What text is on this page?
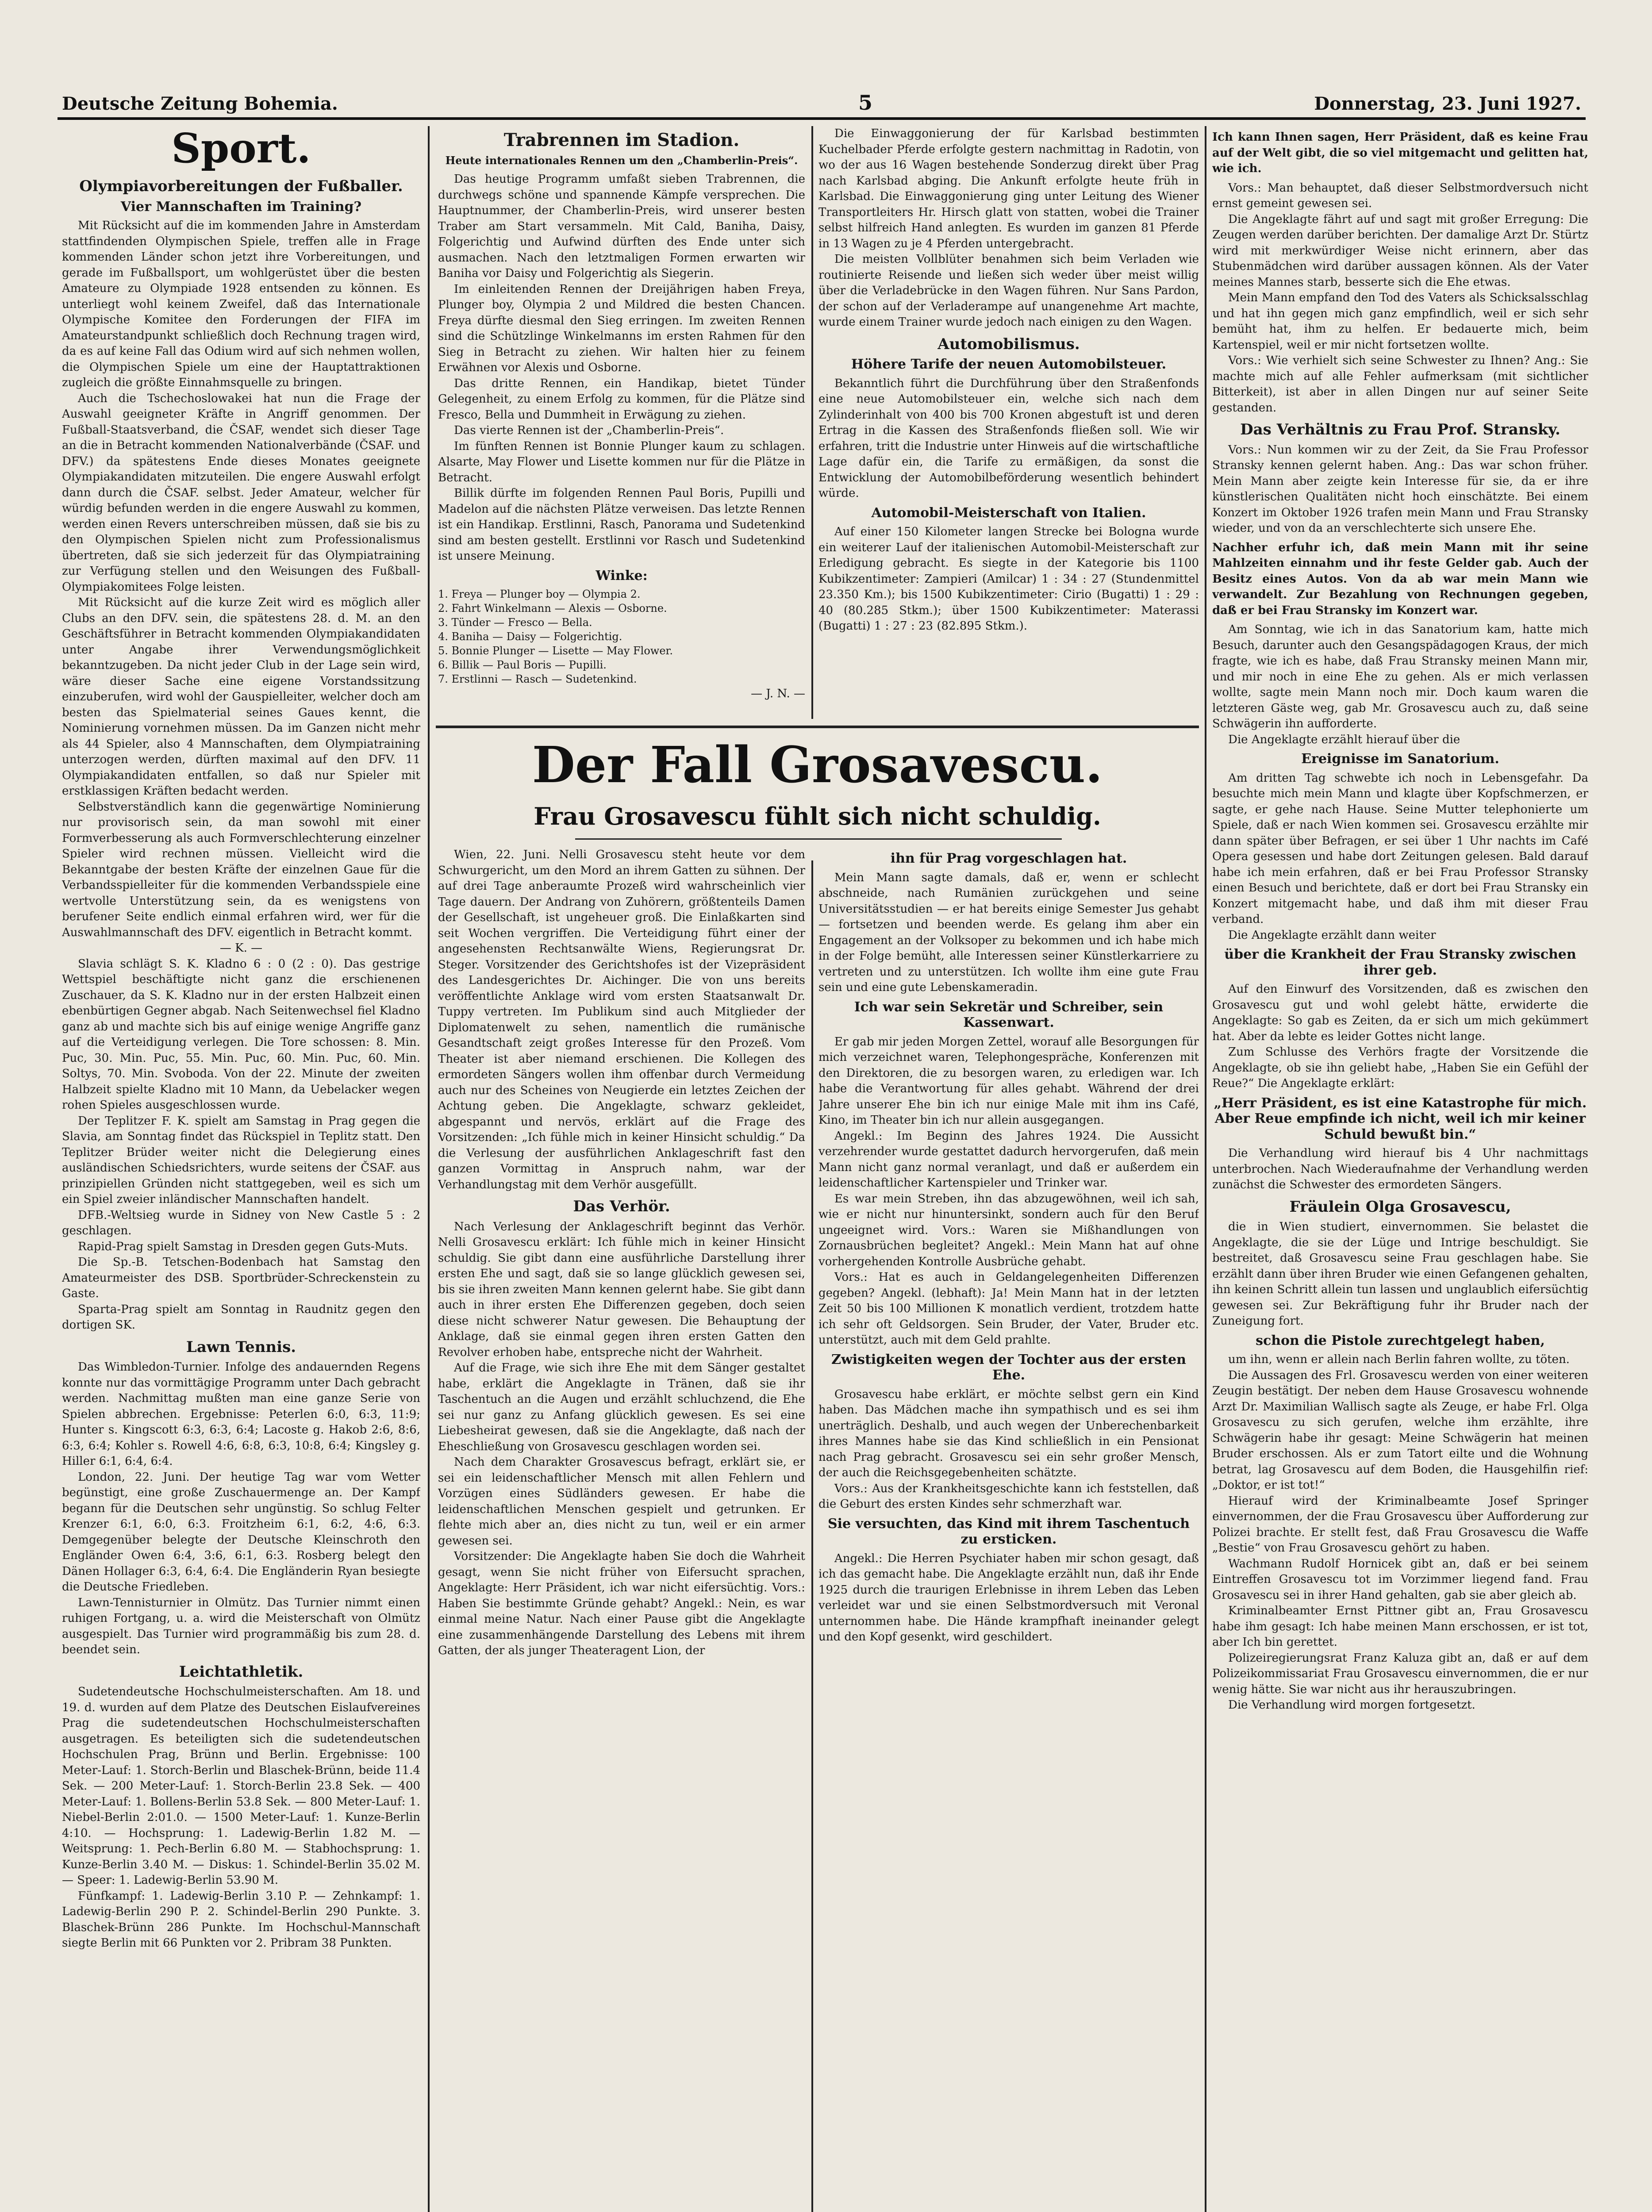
Deutsche Zeitung Bohemia.	5	Donnerstag, 23. Juni 1927.
Sport.

Olympiavorbereitungen der Fußballer.

Vier Mannschaften im Training?

Mit Rücksicht auf die im kommenden Jahre in Amsterdam stattfindenden Olympischen Spiele, treffen alle in Frage kommenden Länder schon jetzt ihre Vorbereitungen, und gerade im Fußballsport, um wohlgerüstet über die besten Amateure zu Olympiade 1928 entsenden zu können. Es unterliegt wohl keinem Zweifel, daß das Internationale Olympische Komitee den Forderungen der FIFA im Amateurstandpunkt schließlich doch Rechnung tragen wird, da es auf keine Fall das Odium wird auf sich nehmen wollen, die Olympischen Spiele um eine der Hauptattraktionen zugleich die größte Einnahmsquelle zu bringen.

Auch die Tschechoslowakei hat nun die Frage der Auswahl geeigneter Kräfte in Angriff genommen. Der Fußball-Staatsverband, die ČSAF, wendet sich dieser Tage an die in Betracht kommenden Nationalverbände (ČSAF. und DFV.) da spätestens Ende dieses Monates geeignete Olympiakandidaten mitzuteilen. Die engere Auswahl erfolgt dann durch die ČSAF. selbst. Jeder Amateur, welcher für würdig befunden werden in die engere Auswahl zu kommen, werden einen Revers unterschreiben müssen, daß sie bis zu den Olympischen Spielen nicht zum Professionalismus übertreten, daß sie sich jederzeit für das Olympiatraining zur Verfügung stellen und den Weisungen des Fußball-Olympiakomitees Folge leisten.

Mit Rücksicht auf die kurze Zeit wird es möglich aller Clubs an den DFV. sein, die spätestens 28. d. M. an den Geschäftsführer in Betracht kommenden Olympiakandidaten unter Angabe ihrer Verwendungsmöglichkeit bekanntzugeben. Da nicht jeder Club in der Lage sein wird, wäre dieser Sache eine eigene Vorstandssitzung einzuberufen, wird wohl der Gauspielleiter, welcher doch am besten das Spielmaterial seines Gaues kennt, die Nominierung vornehmen müssen. Da im Ganzen nicht mehr als 44 Spieler, also 4 Mannschaften, dem Olympiatraining unterzogen werden, dürften maximal auf den DFV. 11 Olympiakandidaten entfallen, so daß nur Spieler mit erstklassigen Kräften bedacht werden.

Selbstverständlich kann die gegenwärtige Nominierung nur provisorisch sein, da man sowohl mit einer Formverbesserung als auch Formverschlechterung einzelner Spieler wird rechnen müssen. Vielleicht wird die Bekanntgabe der besten Kräfte der einzelnen Gaue für die Verbandsspielleiter für die kommenden Verbandsspiele eine wertvolle Unterstützung sein, da es wenigstens von berufener Seite endlich einmal erfahren wird, wer für die Auswahlmannschaft des DFV. eigentlich in Betracht kommt.

— K. —

Slavia schlägt S. K. Kladno 6 : 0 (2 : 0). Das gestrige Wettspiel beschäftigte nicht ganz die erschienenen Zuschauer, da S. K. Kladno nur in der ersten Halbzeit einen ebenbürtigen Gegner abgab. Nach Seitenwechsel fiel Kladno ganz ab und machte sich bis auf einige wenige Angriffe ganz auf die Verteidigung verlegen. Die Tore schossen: 8. Min. Puc, 30. Min. Puc, 55. Min. Puc, 60. Min. Puc, 60. Min. Soltys, 70. Min. Svoboda. Von der 22. Minute der zweiten Halbzeit spielte Kladno mit 10 Mann, da Uebelacker wegen rohen Spieles ausgeschlossen wurde.

Der Teplitzer F. K. spielt am Samstag in Prag gegen die Slavia, am Sonntag findet das Rückspiel in Teplitz statt. Den Teplitzer Brüder weiter nicht die Delegierung eines ausländischen Schiedsrichters, wurde seitens der ČSAF. aus prinzipiellen Gründen nicht stattgegeben, weil es sich um ein Spiel zweier inländischer Mannschaften handelt.

DFB.-Weltsieg wurde in Sidney von New Castle 5 : 2 geschlagen.

Rapid-Prag spielt Samstag in Dresden gegen Guts-Muts.

Die Sp.-B. Tetschen-Bodenbach hat Samstag den Amateurmeister des DSB. Sportbrüder-Schreckenstein zu Gaste.

Sparta-Prag spielt am Sonntag in Raudnitz gegen den dortigen SK.

Lawn Tennis.

Das Wimbledon-Turnier. Infolge des andauernden Regens konnte nur das vormittägige Programm unter Dach gebracht werden. Nachmittag mußten man eine ganze Serie von Spielen abbrechen. Ergebnisse: Peterlen 6:0, 6:3, 11:9; Hunter s. Kingscott 6:3, 6:3, 6:4; Lacoste g. Hakob 2:6, 8:6, 6:3, 6:4; Kohler s. Rowell 4:6, 6:8, 6:3, 10:8, 6:4; Kingsley g. Hiller 6:1, 6:4, 6:4.

London, 22. Juni. Der heutige Tag war vom Wetter begünstigt, eine große Zuschauermenge an. Der Kampf begann für die Deutschen sehr ungünstig. So schlug Felter Krenzer 6:1, 6:0, 6:3. Froitzheim 6:1, 6:2, 4:6, 6:3. Demgegenüber belegte der Deutsche Kleinschroth den Engländer Owen 6:4, 3:6, 6:1, 6:3. Rosberg belegt den Dänen Hollager 6:3, 6:4, 6:4. Die Engländerin Ryan besiegte die Deutsche Friedleben.

Lawn-Tennisturnier in Olmütz. Das Turnier nimmt einen ruhigen Fortgang, u. a. wird die Meisterschaft von Olmütz ausgespielt. Das Turnier wird programmäßig bis zum 28. d. beendet sein.

Leichtathletik.

Sudetendeutsche Hochschulmeisterschaften. Am 18. und 19. d. wurden auf dem Platze des Deutschen Eislaufvereines Prag die sudetendeutschen Hochschulmeisterschaften ausgetragen. Es beteiligten sich die sudetendeutschen Hochschulen Prag, Brünn und Berlin. Ergebnisse: 100 Meter-Lauf: 1. Storch-Berlin und Blaschek-Brünn, beide 11.4 Sek. — 200 Meter-Lauf: 1. Storch-Berlin 23.8 Sek. — 400 Meter-Lauf: 1. Bollens-Berlin 53.8 Sek. — 800 Meter-Lauf: 1. Niebel-Berlin 2:01.0. — 1500 Meter-Lauf: 1. Kunze-Berlin 4:10. — Hochsprung: 1. Ladewig-Berlin 1.82 M. — Weitsprung: 1. Pech-Berlin 6.80 M. — Stabhochsprung: 1. Kunze-Berlin 3.40 M. — Diskus: 1. Schindel-Berlin 35.02 M. — Speer: 1. Ladewig-Berlin 53.90 M.

Fünfkampf: 1. Ladewig-Berlin 3.10 P. — Zehnkampf: 1. Ladewig-Berlin 290 P. 2. Schindel-Berlin 290 Punkte. 3. Blaschek-Brünn 286 Punkte. Im Hochschul-Mannschaft siegte Berlin mit 66 Punkten vor 2. Pribram 38 Punkten.

Trabrennen im Stadion.

Heute internationales Rennen um den „Chamberlin-Preis“.

Das heutige Programm umfaßt sieben Trabrennen, die durchwegs schöne und spannende Kämpfe versprechen. Die Hauptnummer, der Chamberlin-Preis, wird unserer besten Traber am Start versammeln. Mit Cald, Baniha, Daisy, Folgerichtig und Aufwind dürften des Ende unter sich ausmachen. Nach den letztmaligen Formen erwarten wir Baniha vor Daisy und Folgerichtig als Siegerin.

Im einleitenden Rennen der Dreijährigen haben Freya, Plunger boy, Olympia 2 und Mildred die besten Chancen. Freya dürfte diesmal den Sieg erringen. Im zweiten Rennen sind die Schützlinge Winkelmanns im ersten Rahmen für den Sieg in Betracht zu ziehen. Wir halten hier zu feinem Erwähnen vor Alexis und Osborne.

Das dritte Rennen, ein Handikap, bietet Tünder Gelegenheit, zu einem Erfolg zu kommen, für die Plätze sind Fresco, Bella und Dummheit in Erwägung zu ziehen.

Das vierte Rennen ist der „Chamberlin-Preis“.

Im fünften Rennen ist Bonnie Plunger kaum zu schlagen. Alsarte, May Flower und Lisette kommen nur für die Plätze in Betracht.

Billik dürfte im folgenden Rennen Paul Boris, Pupilli und Madelon auf die nächsten Plätze verweisen. Das letzte Rennen ist ein Handikap. Erstlinni, Rasch, Panorama und Sudetenkind sind am besten gestellt. Erstlinni vor Rasch und Sudetenkind ist unsere Meinung.

Winke:

1. Freya — Plunger boy — Olympia 2.

2. Fahrt Winkelmann — Alexis — Osborne.

3. Tünder — Fresco — Bella.

4. Baniha — Daisy — Folgerichtig.

5. Bonnie Plunger — Lisette — May Flower.

6. Billik — Paul Boris — Pupilli.

7. Erstlinni — Rasch — Sudetenkind.

— J. N. —

Die Einwaggonierung der für Karlsbad bestimmten Kuchelbader Pferde erfolgte gestern nachmittag in Radotin, von wo der aus 16 Wagen bestehende Sonderzug direkt über Prag nach Karlsbad abging. Die Ankunft erfolgte heute früh in Karlsbad. Die Einwaggonierung ging unter Leitung des Wiener Transportleiters Hr. Hirsch glatt von statten, wobei die Trainer selbst hilfreich Hand anlegten. Es wurden im ganzen 81 Pferde in 13 Wagen zu je 4 Pferden untergebracht.

Die meisten Vollblüter benahmen sich beim Verladen wie routinierte Reisende und ließen sich weder über meist willig über die Verladebrücke in den Wagen führen. Nur Sans Pardon, der schon auf der Verladerampe auf unangenehme Art machte, wurde einem Trainer wurde jedoch nach einigen zu den Wagen.

Automobilismus.

Höhere Tarife der neuen Automobilsteuer.

Bekanntlich führt die Durchführung über den Straßenfonds eine neue Automobilsteuer ein, welche sich nach dem Zylinderinhalt von 400 bis 700 Kronen abgestuft ist und deren Ertrag in die Kassen des Straßenfonds fließen soll. Wie wir erfahren, tritt die Industrie unter Hinweis auf die wirtschaftliche Lage dafür ein, die Tarife zu ermäßigen, da sonst die Entwicklung der Automobilbeförderung wesentlich behindert würde.

Automobil-Meisterschaft von Italien.

Auf einer 150 Kilometer langen Strecke bei Bologna wurde ein weiterer Lauf der italienischen Automobil-Meisterschaft zur Erledigung gebracht. Es siegte in der Kategorie bis 1100 Kubikzentimeter: Zampieri (Amilcar) 1 : 34 : 27 (Stundenmittel 23.350 Km.); bis 1500 Kubikzentimeter: Cirio (Bugatti) 1 : 29 : 40 (80.285 Stkm.); über 1500 Kubikzentimeter: Materassi (Bugatti) 1 : 27 : 23 (82.895 Stkm.).

Der Fall Grosavescu.
Frau Grosavescu fühlt sich nicht schuldig.

Wien, 22. Juni. Nelli Grosavescu steht heute vor dem Schwurgericht, um den Mord an ihrem Gatten zu sühnen. Der auf drei Tage anberaumte Prozeß wird wahrscheinlich vier Tage dauern. Der Andrang von Zuhörern, größtenteils Damen der Gesellschaft, ist ungeheuer groß. Die Einlaßkarten sind seit Wochen vergriffen. Die Verteidigung führt einer der angesehensten Rechtsanwälte Wiens, Regierungsrat Dr. Steger. Vorsitzender des Gerichtshofes ist der Vizepräsident des Landesgerichtes Dr. Aichinger. Die von uns bereits veröffentlichte Anklage wird vom ersten Staatsanwalt Dr. Tuppy vertreten. Im Publikum sind auch Mitglieder der Diplomatenwelt zu sehen, namentlich die rumänische Gesandtschaft zeigt großes Interesse für den Prozeß. Vom Theater ist aber niemand erschienen. Die Kollegen des ermordeten Sängers wollen ihm offenbar durch Vermeidung auch nur des Scheines von Neugierde ein letztes Zeichen der Achtung geben. Die Angeklagte, schwarz gekleidet, abgespannt und nervös, erklärt auf die Frage des Vorsitzenden: „Ich fühle mich in keiner Hinsicht schuldig.“ Da die Verlesung der ausführlichen Anklageschrift fast den ganzen Vormittag in Anspruch nahm, war der Verhandlungstag mit dem Verhör ausgefüllt.

Das Verhör.

Nach Verlesung der Anklageschrift beginnt das Verhör. Nelli Grosavescu erklärt: Ich fühle mich in keiner Hinsicht schuldig. Sie gibt dann eine ausführliche Darstellung ihrer ersten Ehe und sagt, daß sie so lange glücklich gewesen sei, bis sie ihren zweiten Mann kennen gelernt habe. Sie gibt dann auch in ihrer ersten Ehe Differenzen gegeben, doch seien diese nicht schwerer Natur gewesen. Die Behauptung der Anklage, daß sie einmal gegen ihren ersten Gatten den Revolver erhoben habe, entspreche nicht der Wahrheit.

Auf die Frage, wie sich ihre Ehe mit dem Sänger gestaltet habe, erklärt die Angeklagte in Tränen, daß sie ihr Taschentuch an die Augen und erzählt schluchzend, die Ehe sei nur ganz zu Anfang glücklich gewesen. Es sei eine Liebesheirat gewesen, daß sie die Angeklagte, daß nach der Eheschließung von Grosavescu geschlagen worden sei.

Nach dem Charakter Grosavescus befragt, erklärt sie, er sei ein leidenschaftlicher Mensch mit allen Fehlern und Vorzügen eines Südländers gewesen. Er habe die leidenschaftlichen Menschen gespielt und getrunken. Er flehte mich aber an, dies nicht zu tun, weil er ein armer gewesen sei.

Vorsitzender: Die Angeklagte haben Sie doch die Wahrheit gesagt, wenn Sie nicht früher von Eifersucht sprachen, Angeklagte: Herr Präsident, ich war nicht eifersüchtig. Vors.: Haben Sie bestimmte Gründe gehabt? Angekl.: Nein, es war einmal meine Natur. Nach einer Pause gibt die Angeklagte eine zusammenhängende Darstellung des Lebens mit ihrem Gatten, der als junger Theateragent Lion, der

ihn für Prag vorgeschlagen hat.

Mein Mann sagte damals, daß er, wenn er schlecht abschneide, nach Rumänien zurückgehen und seine Universitätsstudien — er hat bereits einige Semester Jus gehabt — fortsetzen und beenden werde. Es gelang ihm aber ein Engagement an der Volksoper zu bekommen und ich habe mich in der Folge bemüht, alle Interessen seiner Künstlerkarriere zu vertreten und zu unterstützen. Ich wollte ihm eine gute Frau sein und eine gute Lebenskameradin.

Ich war sein Sekretär und Schreiber, sein Kassenwart.

Er gab mir jeden Morgen Zettel, worauf alle Besorgungen für mich verzeichnet waren, Telephongespräche, Konferenzen mit den Direktoren, die zu besorgen waren, zu erledigen war. Ich habe die Verantwortung für alles gehabt. Während der drei Jahre unserer Ehe bin ich nur einige Male mit ihm ins Café, Kino, im Theater bin ich nur allein ausgegangen.

Angekl.: Im Beginn des Jahres 1924. Die Aussicht verzehrender wurde gestattet dadurch hervorgerufen, daß mein Mann nicht ganz normal veranlagt, und daß er außerdem ein leidenschaftlicher Kartenspieler und Trinker war.

Es war mein Streben, ihn das abzugewöhnen, weil ich sah, wie er nicht nur hinuntersinkt, sondern auch für den Beruf ungeeignet wird. Vors.: Waren sie Mißhandlungen von Zornausbrüchen begleitet? Angekl.: Mein Mann hat auf ohne vorhergehenden Kontrolle Ausbrüche gehabt.

Vors.: Hat es auch in Geldangelegenheiten Differenzen gegeben? Angekl. (lebhaft): Ja! Mein Mann hat in der letzten Zeit 50 bis 100 Millionen K monatlich verdient, trotzdem hatte ich sehr oft Geldsorgen. Sein Bruder, der Vater, Bruder etc. unterstützt, auch mit dem Geld prahlte.

Zwistigkeiten wegen der Tochter aus der ersten Ehe.

Grosavescu habe erklärt, er möchte selbst gern ein Kind haben. Das Mädchen mache ihn sympathisch und es sei ihm unerträglich. Deshalb, und auch wegen der Unberechenbarkeit ihres Mannes habe sie das Kind schließlich in ein Pensionat nach Prag gebracht. Grosavescu sei ein sehr großer Mensch, der auch die Reichsgegebenheiten schätzte.

Vors.: Aus der Krankheitsgeschichte kann ich feststellen, daß die Geburt des ersten Kindes sehr schmerzhaft war.

Sie versuchten, das Kind mit ihrem Taschentuch zu ersticken.

Angekl.: Die Herren Psychiater haben mir schon gesagt, daß ich das gemacht habe. Die Angeklagte erzählt nun, daß ihr Ende 1925 durch die traurigen Erlebnisse in ihrem Leben das Leben verleidet war und sie einen Selbstmordversuch mit Veronal unternommen habe. Die Hände krampfhaft ineinander gelegt und den Kopf gesenkt, wird geschildert.

Ich kann Ihnen sagen, Herr Präsident, daß es keine Frau auf der Welt gibt, die so viel mitgemacht und gelitten hat, wie ich.

Vors.: Man behauptet, daß dieser Selbstmordversuch nicht ernst gemeint gewesen sei.

Die Angeklagte fährt auf und sagt mit großer Erregung: Die Zeugen werden darüber berichten. Der damalige Arzt Dr. Stürtz wird mit merkwürdiger Weise nicht erinnern, aber das Stubenmädchen wird darüber aussagen können. Als der Vater meines Mannes starb, besserte sich die Ehe etwas.

Mein Mann empfand den Tod des Vaters als Schicksalsschlag und hat ihn gegen mich ganz empfindlich, weil er sich sehr bemüht hat, ihm zu helfen. Er bedauerte mich, beim Kartenspiel, weil er mir nicht fortsetzen wollte.

Vors.: Wie verhielt sich seine Schwester zu Ihnen? Ang.: Sie machte mich auf alle Fehler aufmerksam (mit sichtlicher Bitterkeit), ist aber in allen Dingen nur auf seiner Seite gestanden.

Das Verhältnis zu Frau Prof. Stransky.

Vors.: Nun kommen wir zu der Zeit, da Sie Frau Professor Stransky kennen gelernt haben. Ang.: Das war schon früher. Mein Mann aber zeigte kein Interesse für sie, da er ihre künstlerischen Qualitäten nicht hoch einschätzte. Bei einem Konzert im Oktober 1926 trafen mein Mann und Frau Stransky wieder, und von da an verschlechterte sich unsere Ehe.

Nachher erfuhr ich, daß mein Mann mit ihr seine Mahlzeiten einnahm und ihr feste Gelder gab. Auch der Besitz eines Autos. Von da ab war mein Mann wie verwandelt. Zur Bezahlung von Rechnungen gegeben, daß er bei Frau Stransky im Konzert war.

Am Sonntag, wie ich in das Sanatorium kam, hatte mich Besuch, darunter auch den Gesangspädagogen Kraus, der mich fragte, wie ich es habe, daß Frau Stransky meinen Mann mir, und mir noch in eine Ehe zu gehen. Als er mich verlassen wollte, sagte mein Mann noch mir. Doch kaum waren die letzteren Gäste weg, gab Mr. Grosavescu auch zu, daß seine Schwägerin ihn aufforderte.

Die Angeklagte erzählt hierauf über die

Ereignisse im Sanatorium.

Am dritten Tag schwebte ich noch in Lebensgefahr. Da besuchte mich mein Mann und klagte über Kopfschmerzen, er sagte, er gehe nach Hause. Seine Mutter telephonierte um Spiele, daß er nach Wien kommen sei. Grosavescu erzählte mir dann später über Befragen, er sei über 1 Uhr nachts im Café Opera gesessen und habe dort Zeitungen gelesen. Bald darauf habe ich mein erfahren, daß er bei Frau Professor Stransky einen Besuch und berichtete, daß er dort bei Frau Stransky ein Konzert mitgemacht habe, und daß ihm mit dieser Frau verband.

Die Angeklagte erzählt dann weiter

über die Krankheit der Frau Stransky zwischen ihrer geb.

Auf den Einwurf des Vorsitzenden, daß es zwischen den Grosavescu gut und wohl gelebt hätte, erwiderte die Angeklagte: So gab es Zeiten, da er sich um mich gekümmert hat. Aber da lebte es leider Gottes nicht lange.

Zum Schlusse des Verhörs fragte der Vorsitzende die Angeklagte, ob sie ihn geliebt habe, „Haben Sie ein Gefühl der Reue?“ Die Angeklagte erklärt:

„Herr Präsident, es ist eine Katastrophe für mich. Aber Reue empfinde ich nicht, weil ich mir keiner Schuld bewußt bin.“

Die Verhandlung wird hierauf bis 4 Uhr nachmittags unterbrochen. Nach Wiederaufnahme der Verhandlung werden zunächst die Schwester des ermordeten Sängers.

Fräulein Olga Grosavescu,

die in Wien studiert, einvernommen. Sie belastet die Angeklagte, die sie der Lüge und Intrige beschuldigt. Sie bestreitet, daß Grosavescu seine Frau geschlagen habe. Sie erzählt dann über ihren Bruder wie einen Gefangenen gehalten, ihn keinen Schritt allein tun lassen und unglaublich eifersüchtig gewesen sei. Zur Bekräftigung fuhr ihr Bruder nach der Zuneigung fort.

schon die Pistole zurechtgelegt haben,

um ihn, wenn er allein nach Berlin fahren wollte, zu töten.

Die Aussagen des Frl. Grosavescu werden von einer weiteren Zeugin bestätigt. Der neben dem Hause Grosavescu wohnende Arzt Dr. Maximilian Wallisch sagte als Zeuge, er habe Frl. Olga Grosavescu zu sich gerufen, welche ihm erzählte, ihre Schwägerin habe ihr gesagt: Meine Schwägerin hat meinen Bruder erschossen. Als er zum Tatort eilte und die Wohnung betrat, lag Grosavescu auf dem Boden, die Hausgehilfin rief: „Doktor, er ist tot!“

Hierauf wird der Kriminalbeamte Josef Springer einvernommen, der die Frau Grosavescu über Aufforderung zur Polizei brachte. Er stellt fest, daß Frau Grosavescu die Waffe „Bestie“ von Frau Grosavescu gehört zu haben.

Wachmann Rudolf Hornicek gibt an, daß er bei seinem Eintreffen Grosavescu tot im Vorzimmer liegend fand. Frau Grosavescu sei in ihrer Hand gehalten, gab sie aber gleich ab.

Kriminalbeamter Ernst Pittner gibt an, Frau Grosavescu habe ihm gesagt: Ich habe meinen Mann erschossen, er ist tot, aber Ich bin gerettet.

Polizeiregierungsrat Franz Kaluza gibt an, daß er auf dem Polizeikommissariat Frau Grosavescu einvernommen, die er nur wenig hätte. Sie war nicht aus ihr herauszubringen.

Die Verhandlung wird morgen fortgesetzt.
